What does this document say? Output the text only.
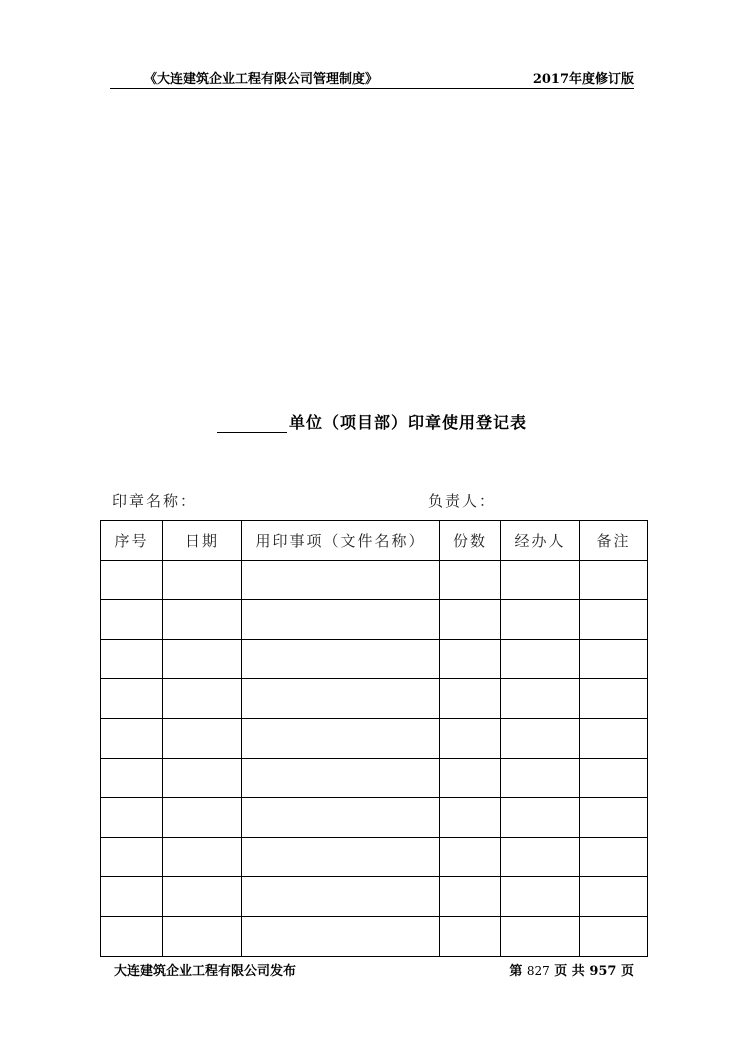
《大连建筑企业工程有限公司管理制度》	2017年度修订版
单位（项目部）印章使用登记表
印章名称：	负责人：
序号	日期	用印事项（文件名称）	份数	经办人	备注

大连建筑企业工程有限公司发布	第 827 页 共 957 页
